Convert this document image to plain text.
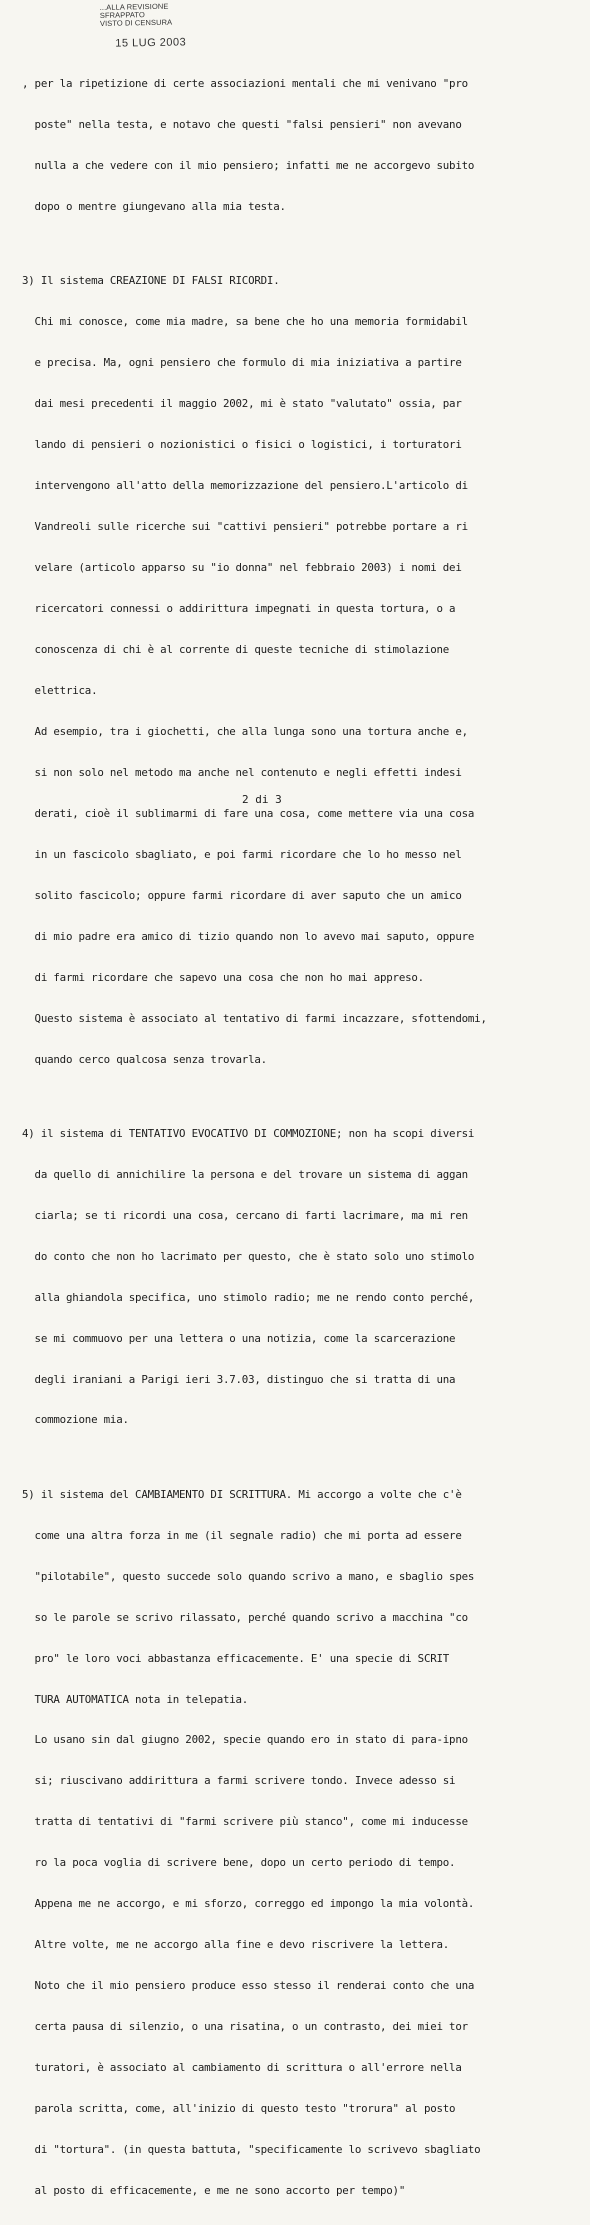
...ALLA REVISIONE SFRAPPATO
VISTO DI CENSURA
15 LUG 2003

, per la ripetizione di certe associazioni mentali che mi venivano "pro

poste" nella testa, e notavo che questi "falsi pensieri" non avevano

nulla a che vedere con il mio pensiero; infatti me ne accorgevo subito

dopo o mentre giungevano alla mia testa.

3) Il sistema CREAZIONE DI FALSI RICORDI.

Chi mi conosce, come mia madre, sa bene che ho una memoria formidabil

e precisa. Ma, ogni pensiero che formulo di mia iniziativa a partire

dai mesi precedenti il maggio 2002, mi è stato "valutato" ossia, par

lando di pensieri o nozionistici o fisici o logistici, i torturatori

intervengono all'atto della memorizzazione del pensiero.L'articolo di

Vandreoli sulle ricerche sui "cattivi pensieri" potrebbe portare a ri

velare (articolo apparso su "io donna" nel febbraio 2003) i nomi dei

ricercatori connessi o addirittura impegnati in questa tortura, o a

conoscenza di chi è al corrente di queste tecniche di stimolazione

elettrica.

Ad esempio, tra i giochetti, che alla lunga sono una tortura anche e,

si non solo nel metodo ma anche nel contenuto e negli effetti indesi

derati, cioè il sublimarmi di fare una cosa, come mettere via una cosa

in un fascicolo sbagliato, e poi farmi ricordare che lo ho messo nel

solito fascicolo; oppure farmi ricordare di aver saputo che un amico

di mio padre era amico di tizio quando non lo avevo mai saputo, oppure

di farmi ricordare che sapevo una cosa che non ho mai appreso.

Questo sistema è associato al tentativo di farmi incazzare, sfottendomi,

quando cerco qualcosa senza trovarla.

4) il sistema di TENTATIVO EVOCATIVO DI COMMOZIONE; non ha scopi diversi

da quello di annichilire la persona e del trovare un sistema di aggan

ciarla; se ti ricordi una cosa, cercano di farti lacrimare, ma mi ren

do conto che non ho lacrimato per questo, che è stato solo uno stimolo

alla ghiandola specifica, uno stimolo radio; me ne rendo conto perché,

se mi commuovo per una lettera o una notizia, come la scarcerazione

degli iraniani a Parigi ieri 3.7.03, distinguo che si tratta di una

commozione mia.

5) il sistema del CAMBIAMENTO DI SCRITTURA. Mi accorgo a volte che c'è

come una altra forza in me (il segnale radio) che mi porta ad essere

"pilotabile", questo succede solo quando scrivo a mano, e sbaglio spes

so le parole se scrivo rilassato, perché quando scrivo a macchina "co

pro" le loro voci abbastanza efficacemente. E' una specie di SCRIT

TURA AUTOMATICA nota in telepatia.

Lo usano sin dal giugno 2002, specie quando ero in stato di para-ipno

si; riuscivano addirittura a farmi scrivere tondo. Invece adesso si

tratta di tentativi di "farmi scrivere più stanco", come mi inducesse

ro la poca voglia di scrivere bene, dopo un certo periodo di tempo.

Appena me ne accorgo, e mi sforzo, correggo ed impongo la mia volontà.

Altre volte, me ne accorgo alla fine e devo riscrivere la lettera.

Noto che il mio pensiero produce esso stesso il renderai conto che una

certa pausa di silenzio, o una risatina, o un contrasto, dei miei tor

turatori, è associato al cambiamento di scrittura o all'errore nella

parola scritta, come, all'inizio di questo testo "trorura" al posto

di "tortura". (in questa battuta, "specificamente lo scrivevo sbagliato

al posto di efficacemente, e me ne sono accorto per tempo)"

2 di 3
